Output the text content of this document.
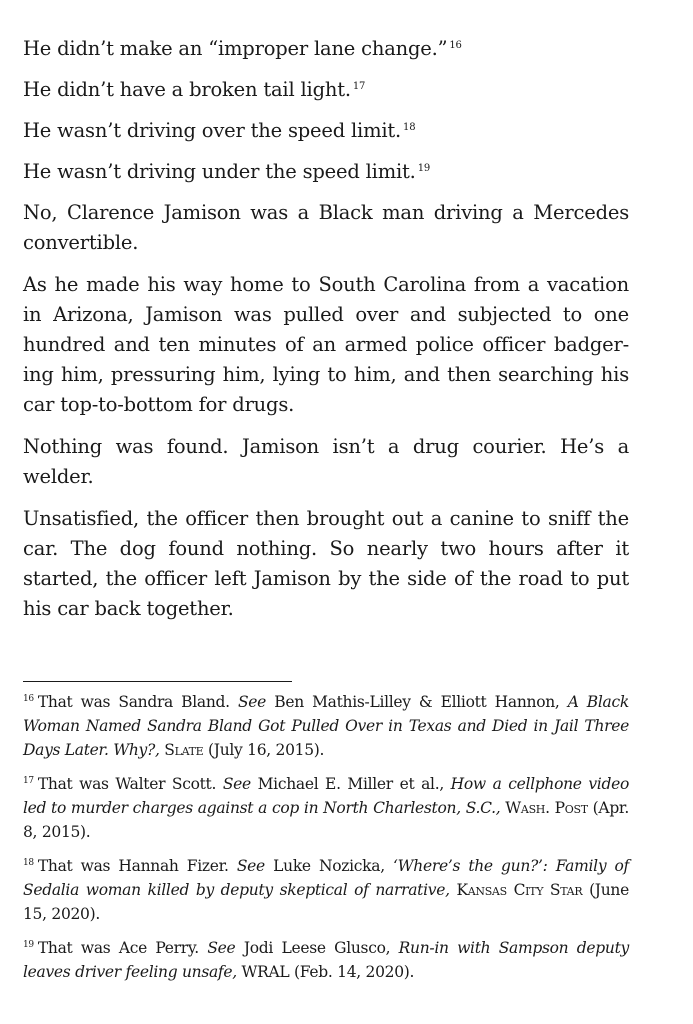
He didn’t make an “improper lane change.” $^{16}$

He didn’t have a broken tail light. $^{17}$

He wasn’t driving over the speed limit. $^{18}$

He wasn’t driving under the speed limit. $^{19}$

No, Clarence Jamison was a Black man driving a Mercedes convertible.

As he made his way home to South Carolina from a vacation in Arizona, Jamison was pulled over and subjected to one hundred and ten minutes of an armed police officer badger-ing him, pressuring him, lying to him, and then searching his car top-to-bottom for drugs.

Nothing was found. Jamison isn’t a drug courier. He’s a welder.

Unsatisfied, the officer then brought out a canine to sniff the car. The dog found nothing. So nearly two hours after it started, the officer left Jamison by the side of the road to put his car back together.

$^{16}$ That was Sandra Bland. See Ben Mathis-Lilley & Elliott Hannon, A Black Woman Named Sandra Bland Got Pulled Over in Texas and Died in Jail Three Days Later. Why?, Slate (July 16, 2015).

$^{17}$ That was Walter Scott. See Michael E. Miller et al., How a cellphone video led to murder charges against a cop in North Charleston, S.C., Wash. Post (Apr. 8, 2015).

$^{18}$ That was Hannah Fizer. See Luke Nozicka, ‘Where’s the gun?’: Family of Sedalia woman killed by deputy skeptical of narrative, Kansas City Star (June 15, 2020).

$^{19}$ That was Ace Perry. See Jodi Leese Glusco, Run-in with Sampson deputy leaves driver feeling unsafe, WRAL (Feb. 14, 2020).
